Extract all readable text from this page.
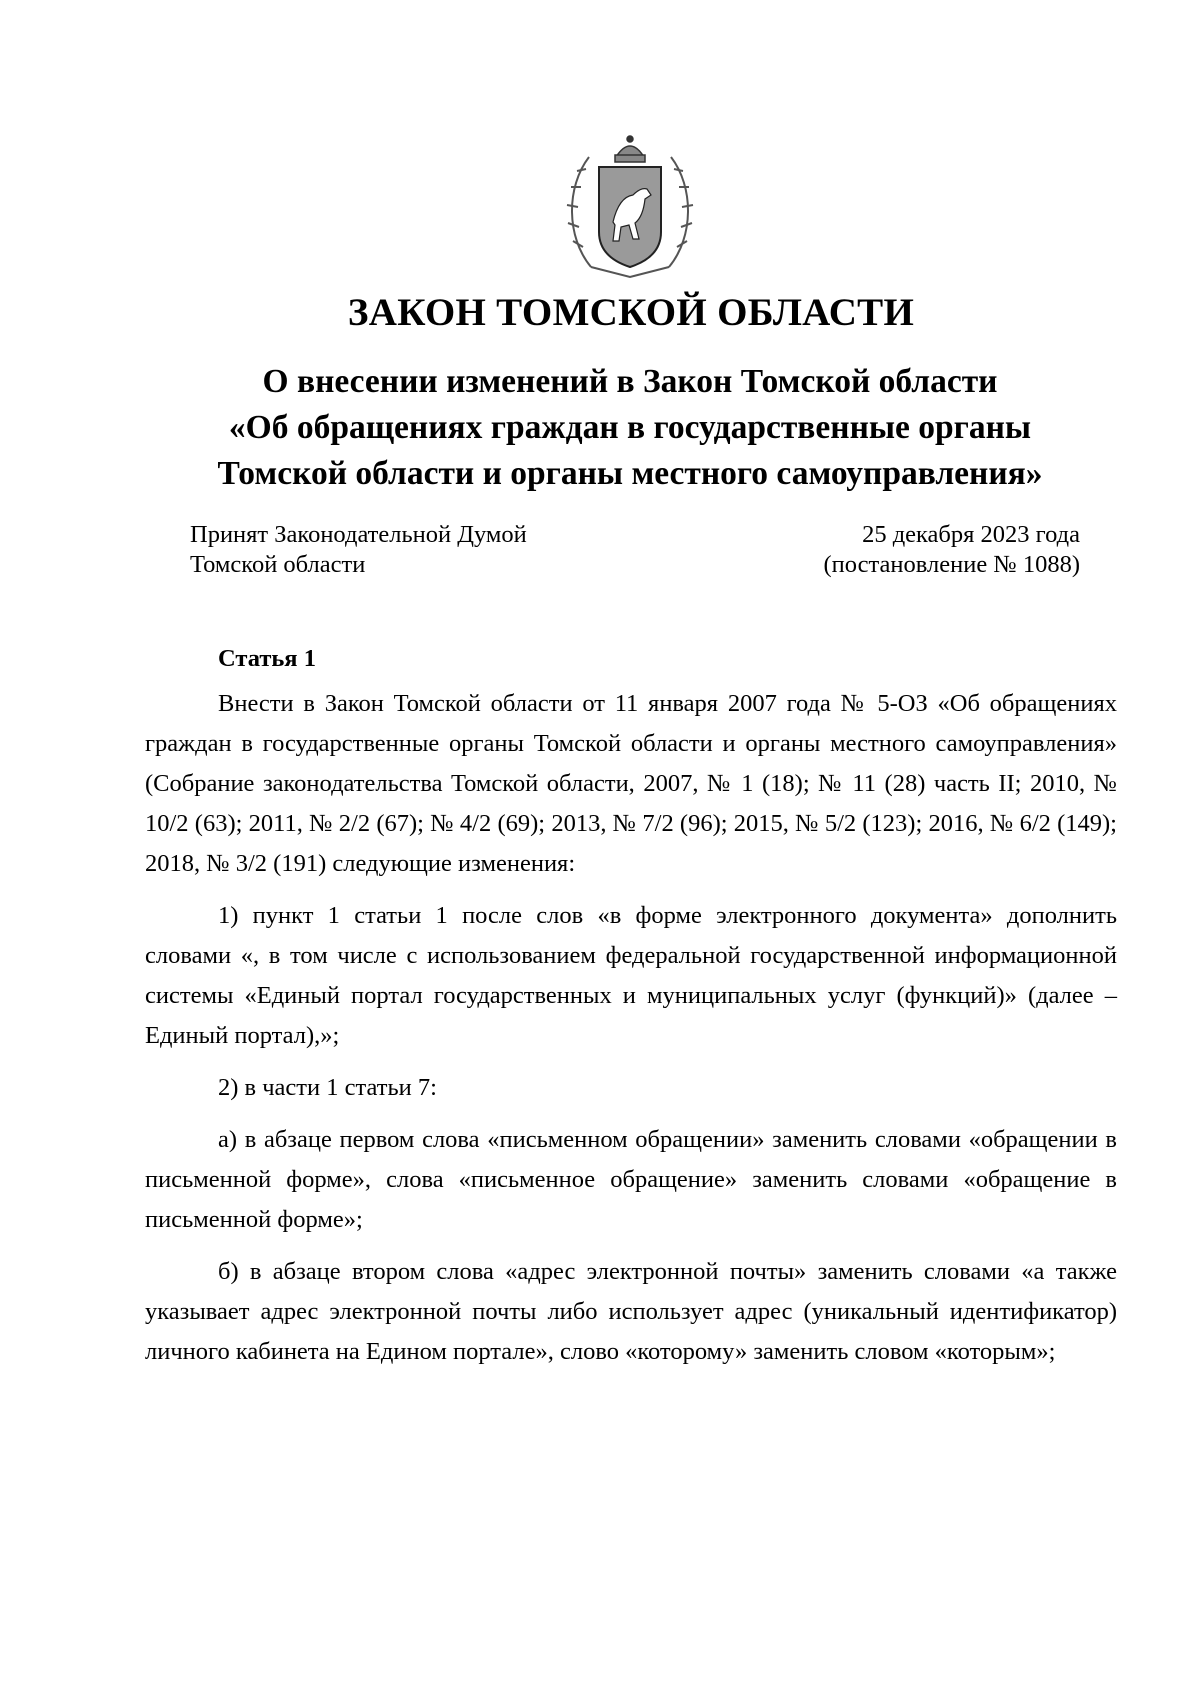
ЗАКОН ТОМСКОЙ ОБЛАСТИ
О внесении изменений в Закон Томской области
«Об обращениях граждан в государственные органы
Томской области и органы местного самоуправления»
Принят Законодательной Думой
Томской области
25 декабря 2023 года
(постановление № 1088)
Статья 1

Внести в Закон Томской области от 11 января 2007 года № 5-ОЗ «Об обращениях граждан в государственные органы Томской области и органы местного самоуправления» (Собрание законодательства Томской области, 2007, № 1 (18); № 11 (28) часть II; 2010, № 10/2 (63); 2011, № 2/2 (67); № 4/2 (69); 2013, № 7/2 (96); 2015, № 5/2 (123); 2016, № 6/2 (149); 2018, № 3/2 (191) следующие изменения:

1) пункт 1 статьи 1 после слов «в форме электронного документа» дополнить словами «, в том числе с использованием федеральной государственной информационной системы «Единый портал государственных и муниципальных услуг (функций)» (далее – Единый портал),»;

2) в части 1 статьи 7:

а) в абзаце первом слова «письменном обращении» заменить словами «обращении в письменной форме», слова «письменное обращение» заменить словами «обращение в письменной форме»;

б) в абзаце втором слова «адрес электронной почты» заменить словами «а также указывает адрес электронной почты либо использует адрес (уникальный идентификатор) личного кабинета на Едином портале», слово «которому» заменить словом «которым»;
